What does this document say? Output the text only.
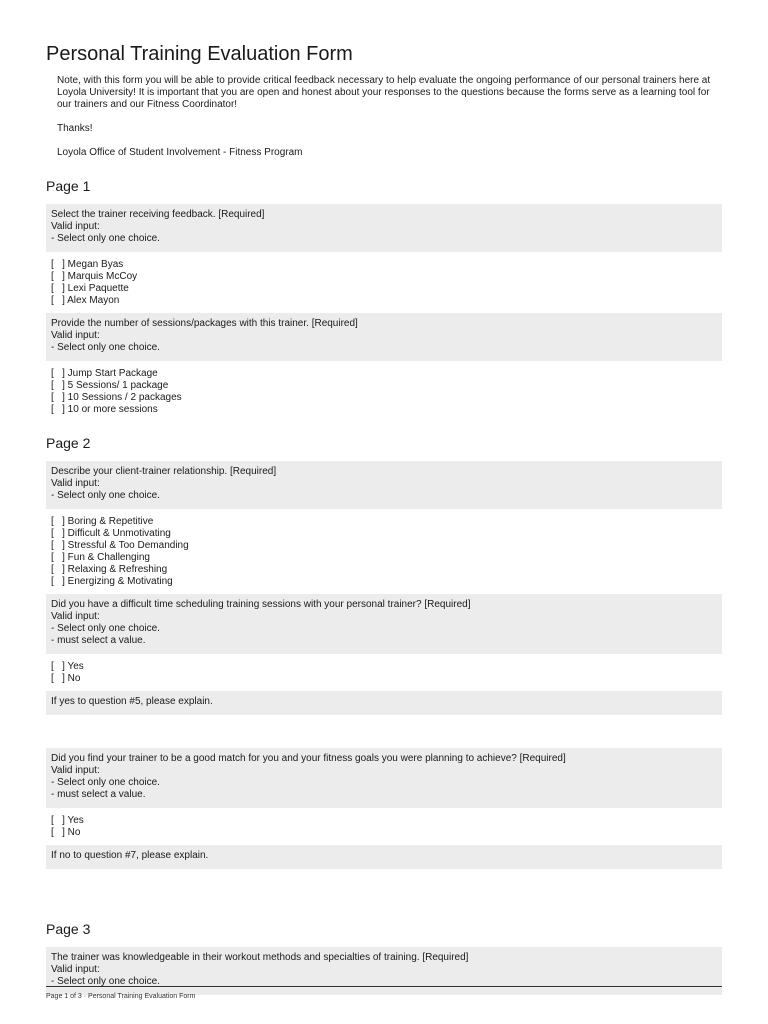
Personal Training Evaluation Form

Note, with this form you will be able to provide critical feedback necessary to help evaluate the ongoing performance of our personal trainers here at Loyola University! It is important that you are open and honest about your responses to the questions because the forms serve as a learning tool for our trainers and our Fitness Coordinator!

Thanks!

Loyola Office of Student Involvement - Fitness Program

Page 1
Select the trainer receiving feedback. [Required]
Valid input:
- Select only one choice.
[   ] Megan Byas
[   ] Marquis McCoy
[   ] Lexi Paquette
[   ] Alex Mayon
Provide the number of sessions/packages with this trainer. [Required]
Valid input:
- Select only one choice.
[   ] Jump Start Package
[   ] 5 Sessions/ 1 package
[   ] 10 Sessions / 2 packages
[   ] 10 or more sessions
Page 2
Describe your client-trainer relationship. [Required]
Valid input:
- Select only one choice.
[   ] Boring & Repetitive
[   ] Difficult & Unmotivating
[   ] Stressful & Too Demanding
[   ] Fun & Challenging
[   ] Relaxing & Refreshing
[   ] Energizing & Motivating
Did you have a difficult time scheduling training sessions with your personal trainer? [Required]
Valid input:
- Select only one choice.
- must select a value.
[   ] Yes
[   ] No
If yes to question #5, please explain.
Did you find your trainer to be a good match for you and your fitness goals you were planning to achieve? [Required]
Valid input:
- Select only one choice.
- must select a value.
[   ] Yes
[   ] No
If no to question #7, please explain.
Page 3
The trainer was knowledgeable in their workout methods and specialties of training. [Required]
Valid input:
- Select only one choice.
Page 1 of 3 · Personal Training Evaluation Form
